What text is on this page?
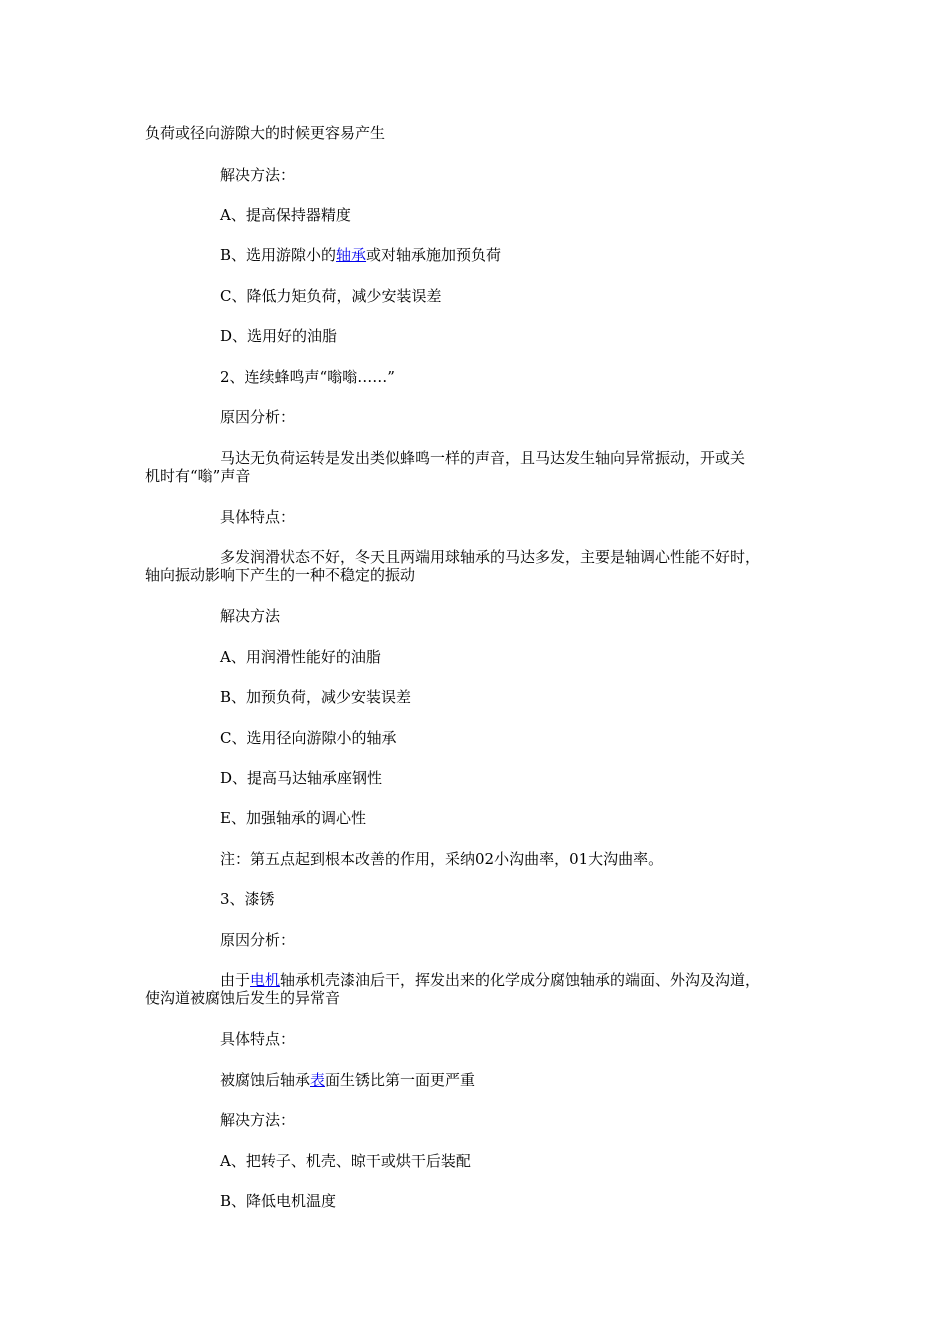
负荷或径向游隙大的时候更容易产生
解决方法：
A、提高保持器精度
B、选用游隙小的轴承或对轴承施加预负荷
C、降低力矩负荷，减少安装误差
D、选用好的油脂
2、连续蜂鸣声“嗡嗡……”
原因分析：
马达无负荷运转是发出类似蜂鸣一样的声音，且马达发生轴向异常振动，开或关
机时有“嗡”声音
具体特点：
多发润滑状态不好，冬天且两端用球轴承的马达多发，主要是轴调心性能不好时，
轴向振动影响下产生的一种不稳定的振动
解决方法
A、用润滑性能好的油脂
B、加预负荷，减少安装误差
C、选用径向游隙小的轴承
D、提高马达轴承座钢性
E、加强轴承的调心性
注：第五点起到根本改善的作用，采纳02小沟曲率，01大沟曲率。
3、漆锈
原因分析：
由于电机轴承机壳漆油后干，挥发出来的化学成分腐蚀轴承的端面、外沟及沟道，
使沟道被腐蚀后发生的异常音
具体特点：
被腐蚀后轴承表面生锈比第一面更严重
解决方法：
A、把转子、机壳、晾干或烘干后装配
B、降低电机温度
